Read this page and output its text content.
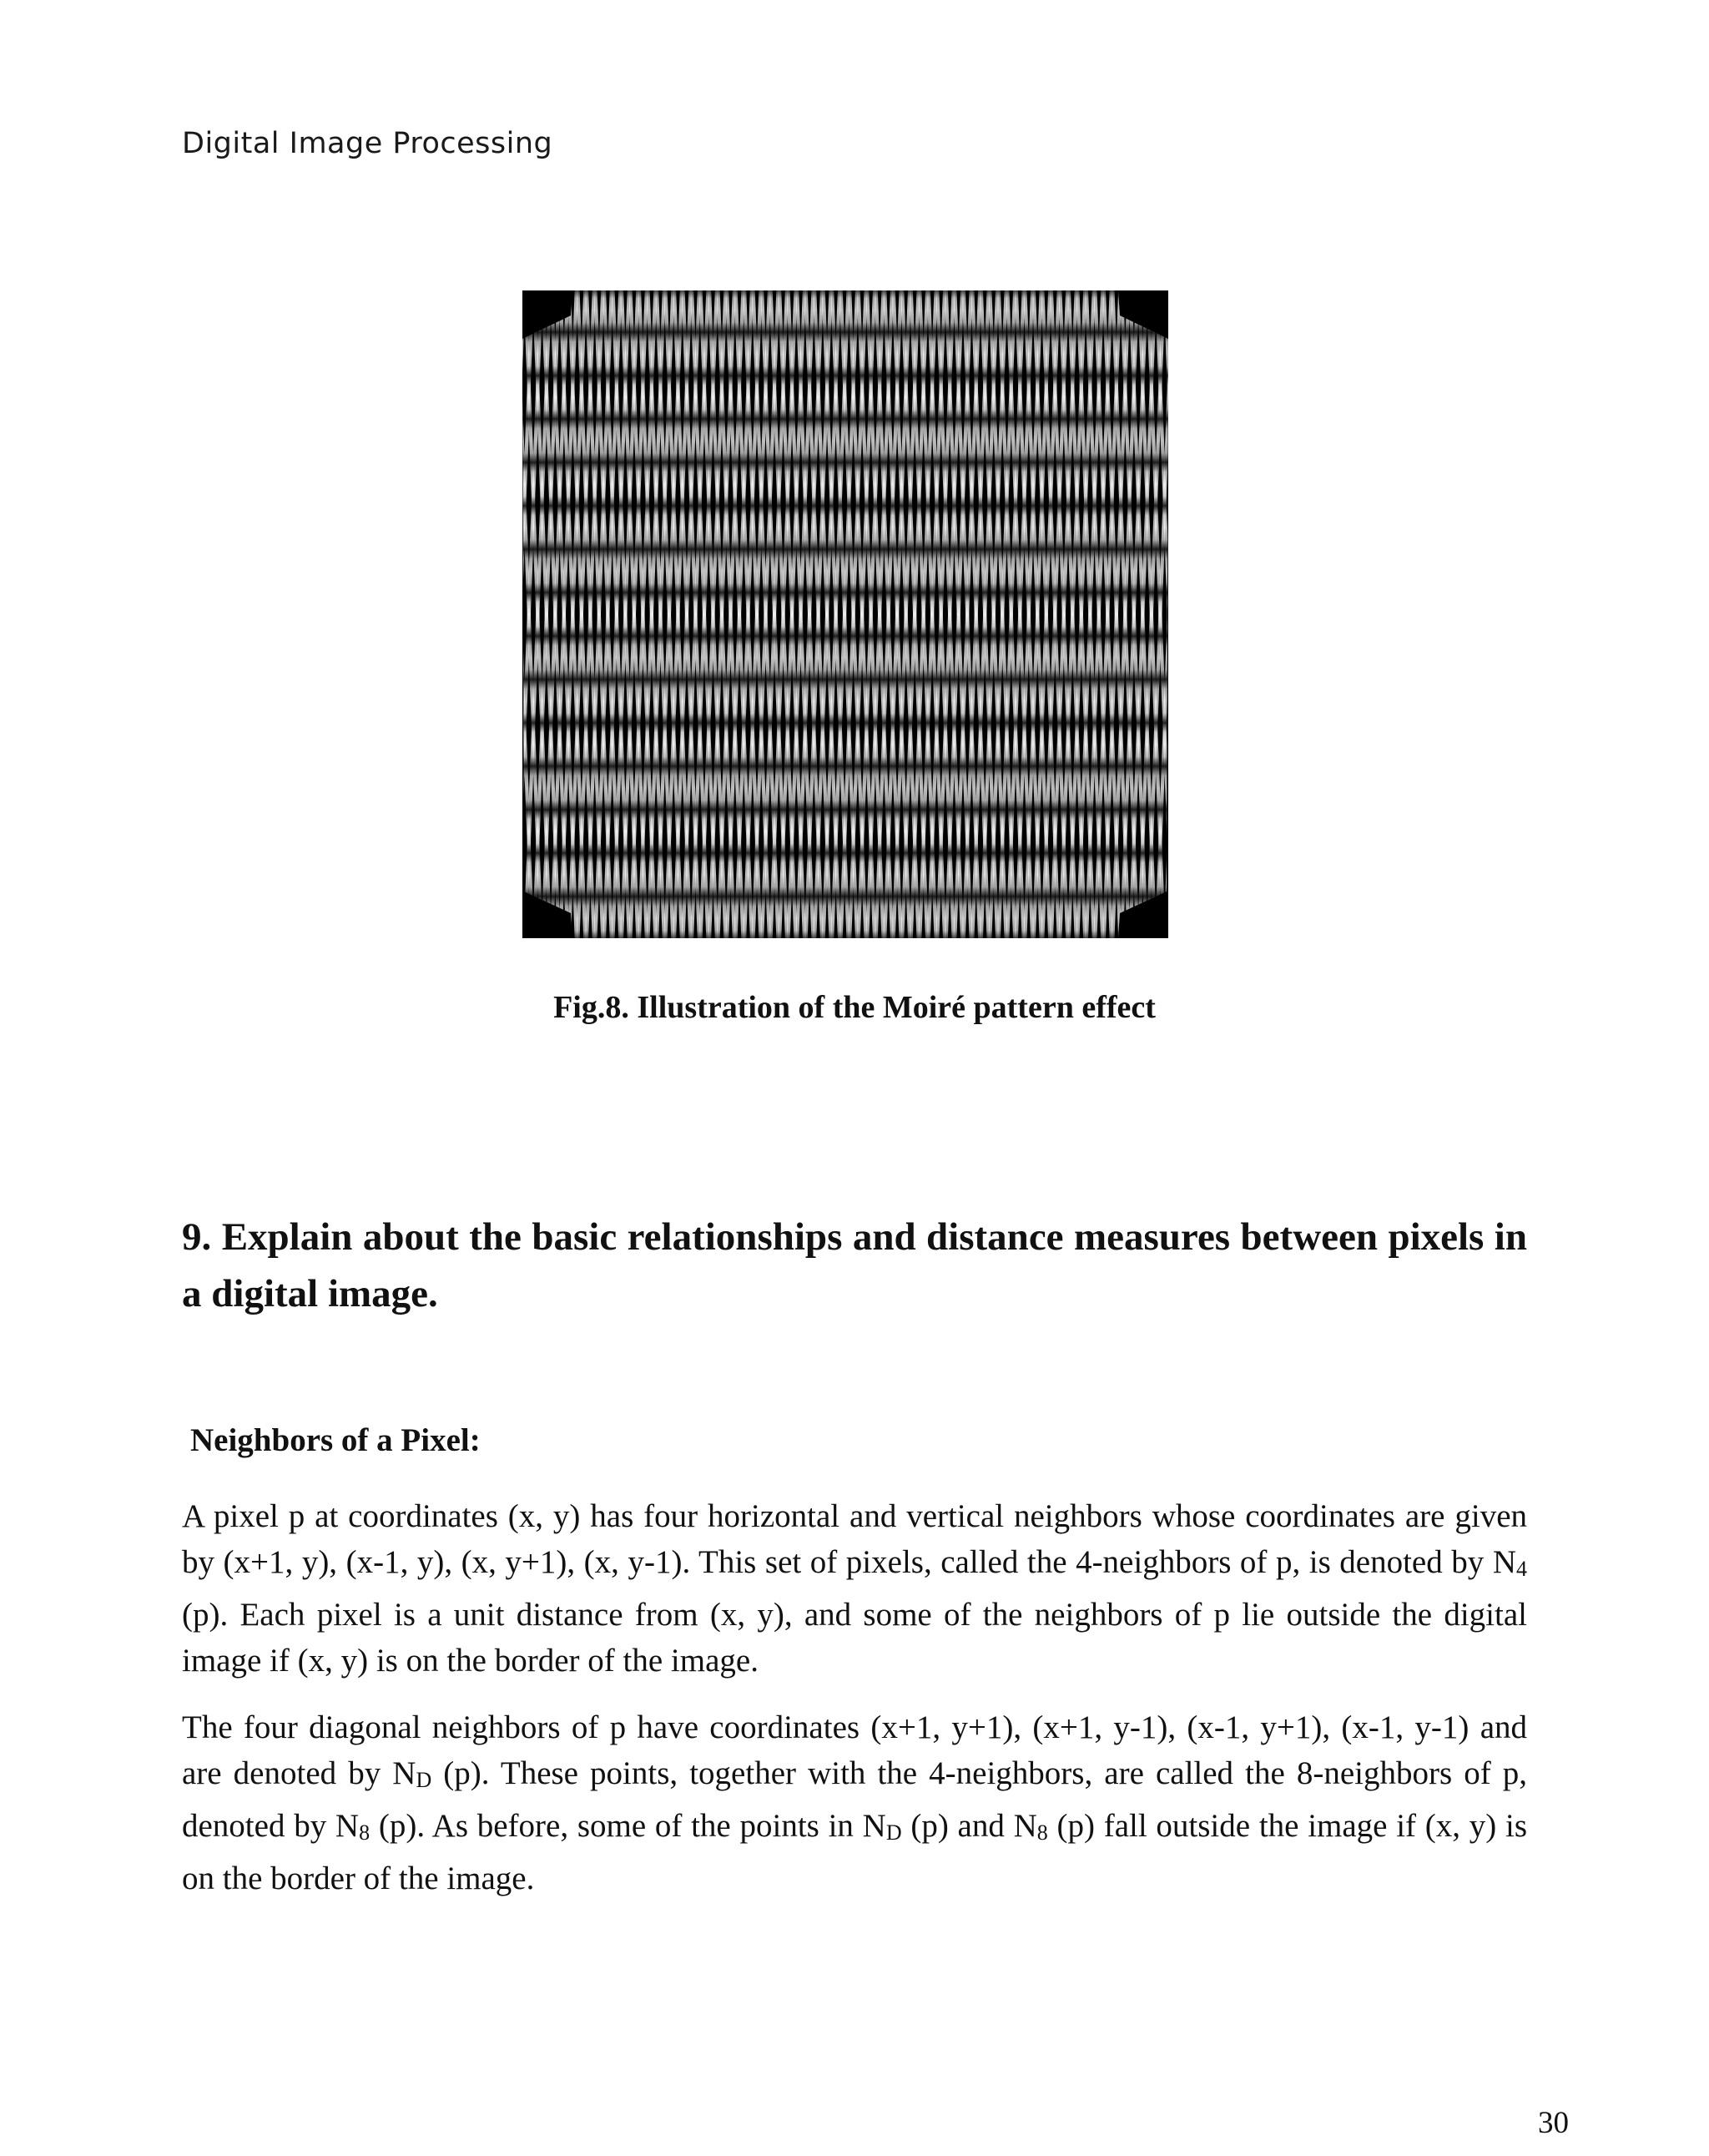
Digital Image Processing
Fig.8. Illustration of the Moiré pattern effect
9. Explain about the basic relationships and distance measures between pixels in a digital image.
Neighbors of a Pixel:
A pixel p at coordinates (x, y) has four horizontal and vertical neighbors whose coordinates are given by (x+1, y), (x-1, y), (x, y+1), (x, y-1). This set of pixels, called the 4-neighbors of p, is denoted by N4 (p). Each pixel is a unit distance from (x, y), and some of the neighbors of p lie outside the digital image if (x, y) is on the border of the image.
The four diagonal neighbors of p have coordinates (x+1, y+1), (x+1, y-1), (x-1, y+1), (x-1, y-1) and are denoted by ND (p). These points, together with the 4-neighbors, are called the 8-neighbors of p, denoted by N8 (p). As before, some of the points in ND (p) and N8 (p) fall outside the image if (x, y) is on the border of the image.
30
